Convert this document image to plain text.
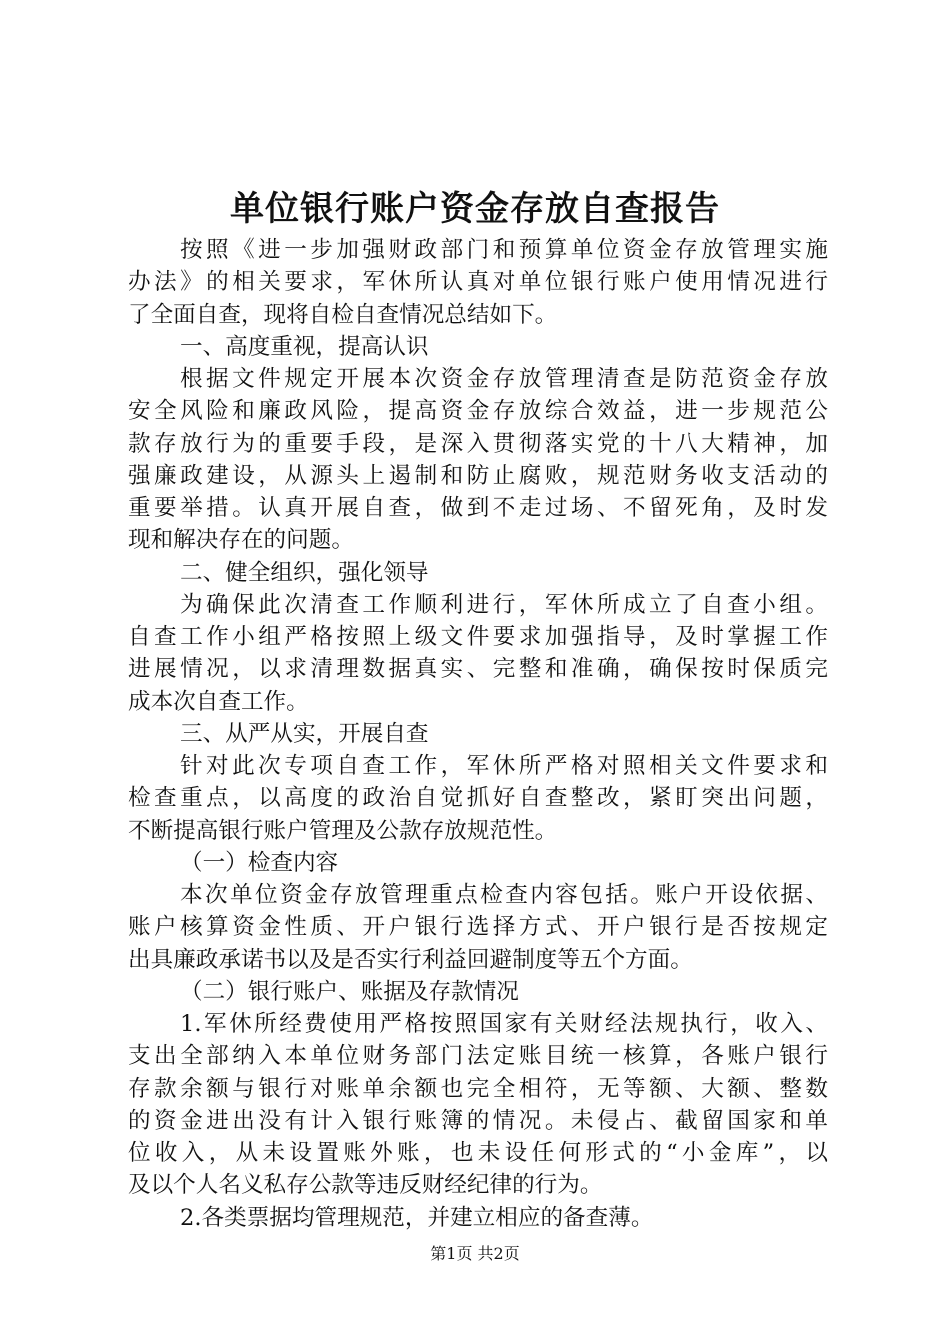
单位银行账户资金存放自查报告
按照《进一步加强财政部门和预算单位资金存放管理实施
办法》的相关要求，军休所认真对单位银行账户使用情况进行
了全面自查，现将自检自查情况总结如下。
一、高度重视，提高认识
根据文件规定开展本次资金存放管理清查是防范资金存放
安全风险和廉政风险，提高资金存放综合效益，进一步规范公
款存放行为的重要手段，是深入贯彻落实党的十八大精神，加
强廉政建设，从源头上遏制和防止腐败，规范财务收支活动的
重要举措。认真开展自查，做到不走过场、不留死角，及时发
现和解决存在的问题。
二、健全组织，强化领导
为确保此次清查工作顺利进行，军休所成立了自查小组。
自查工作小组严格按照上级文件要求加强指导，及时掌握工作
进展情况，以求清理数据真实、完整和准确，确保按时保质完
成本次自查工作。
三、从严从实，开展自查
针对此次专项自查工作，军休所严格对照相关文件要求和
检查重点，以高度的政治自觉抓好自查整改，紧盯突出问题，
不断提高银行账户管理及公款存放规范性。
（一）检查内容
本次单位资金存放管理重点检查内容包括。账户开设依据、
账户核算资金性质、开户银行选择方式、开户银行是否按规定
出具廉政承诺书以及是否实行利益回避制度等五个方面。
（二）银行账户、账据及存款情况
1.军休所经费使用严格按照国家有关财经法规执行，收入、
支出全部纳入本单位财务部门法定账目统一核算，各账户银行
存款余额与银行对账单余额也完全相符，无等额、大额、整数
的资金进出没有计入银行账簿的情况。未侵占、截留国家和单
位收入，从未设置账外账，也未设任何形式的“小金库”，以
及以个人名义私存公款等违反财经纪律的行为。
2.各类票据均管理规范，并建立相应的备查薄。
第1页 共2页
